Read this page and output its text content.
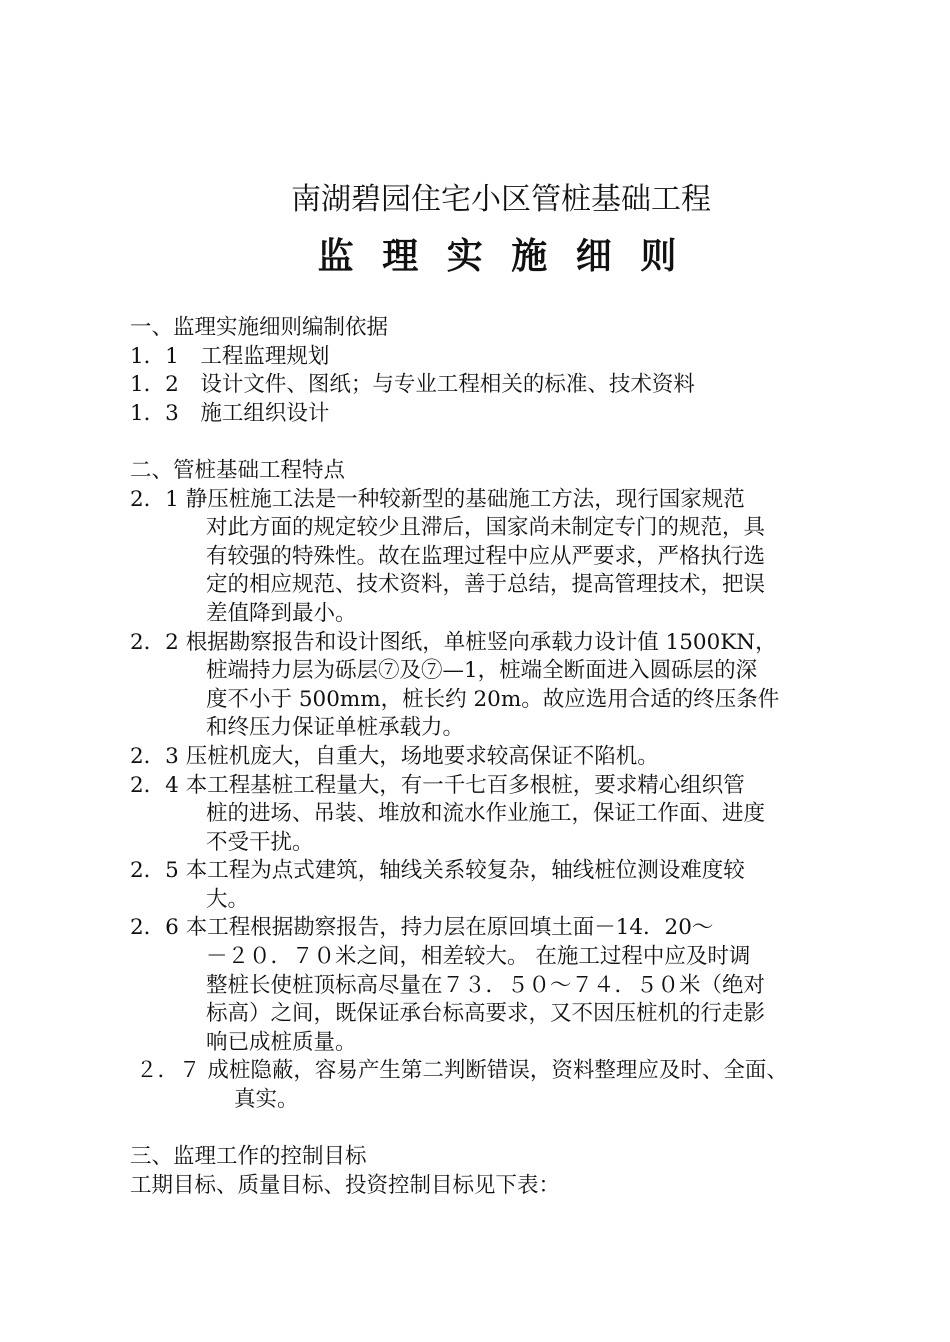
南湖碧园住宅小区管桩基础工程
监 理 实 施 细 则
一、监理实施细则编制依据
1．1　工程监理规划
1．2　设计文件、图纸；与专业工程相关的标准、技术资料
1．3　施工组织设计
二、管桩基础工程特点
2．1 静压桩施工法是一种较新型的基础施工方法，现行国家规范
对此方面的规定较少且滞后，国家尚未制定专门的规范，具
有较强的特殊性。故在监理过程中应从严要求，严格执行选
定的相应规范、技术资料，善于总结，提高管理技术，把误
差值降到最小。
2．2 根据勘察报告和设计图纸，单桩竖向承载力设计值 1500KN，
桩端持力层为砾层⑦及⑦—1，桩端全断面进入圆砾层的深
度不小于 500mm，桩长约 20m。故应选用合适的终压条件
和终压力保证单桩承载力。
2．3 压桩机庞大，自重大，场地要求较高保证不陷机。
2．4 本工程基桩工程量大，有一千七百多根桩，要求精心组织管
桩的进场、吊装、堆放和流水作业施工，保证工作面、进度
不受干扰。
2．5 本工程为点式建筑，轴线关系较复杂，轴线桩位测设难度较
大。
2．6 本工程根据勘察报告，持力层在原回填土面－14．20～
－２０．７０米之间，相差较大。 在施工过程中应及时调
整桩长使桩顶标高尽量在７３．５０～７４．５０米（绝对
标高）之间，既保证承台标高要求，又不因压桩机的行走影
响已成桩质量。
２．７ 成桩隐蔽，容易产生第二判断错误，资料整理应及时、全面、
真实。
三、监理工作的控制目标
工期目标、质量目标、投资控制目标见下表：
